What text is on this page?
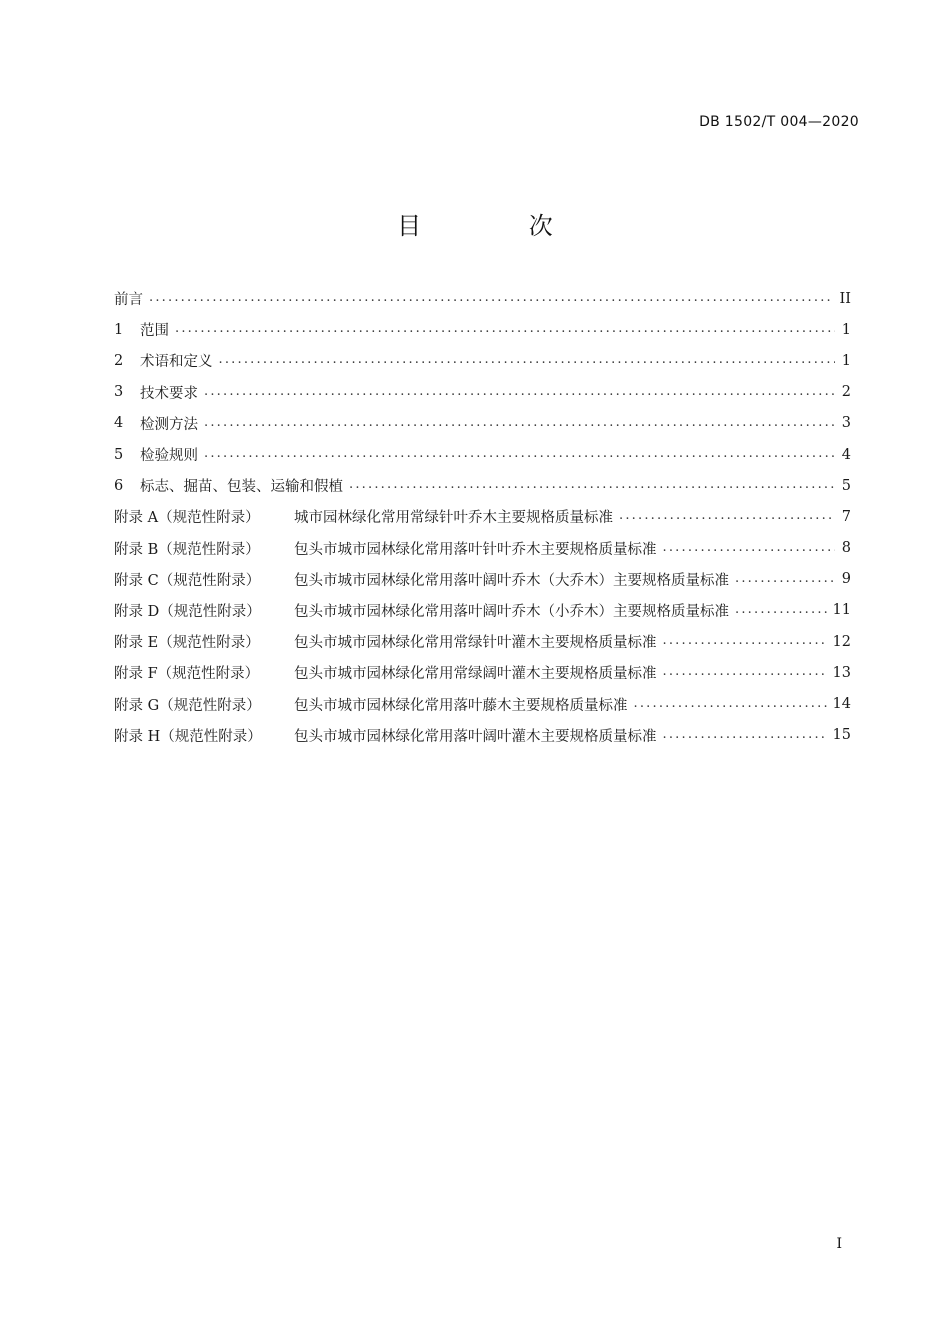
DB 1502/T 004—2020
目 次
前言 .....	II
1	范围 .....	1
2	术语和定义 .....	1
3	技术要求 .....	2
4	检测方法 .....	3
5	检验规则 .....	4
6	标志、掘苗、包装、运输和假植 .....	5
附录 A（规范性附录）	城市园林绿化常用常绿针叶乔木主要规格质量标准 .....	7
附录 B（规范性附录）	包头市城市园林绿化常用落叶针叶乔木主要规格质量标准 .....	8
附录 C（规范性附录）	包头市城市园林绿化常用落叶阔叶乔木（大乔木）主要规格质量标准 .....	9
附录 D（规范性附录）	包头市城市园林绿化常用落叶阔叶乔木（小乔木）主要规格质量标准 .....	11
附录 E（规范性附录）	包头市城市园林绿化常用常绿针叶灌木主要规格质量标准 .....	12
附录 F（规范性附录）	包头市城市园林绿化常用常绿阔叶灌木主要规格质量标准 .....	13
附录 G（规范性附录）	包头市城市园林绿化常用落叶藤木主要规格质量标准 .....	14
附录 H（规范性附录）	包头市城市园林绿化常用落叶阔叶灌木主要规格质量标准 .....	15
I
